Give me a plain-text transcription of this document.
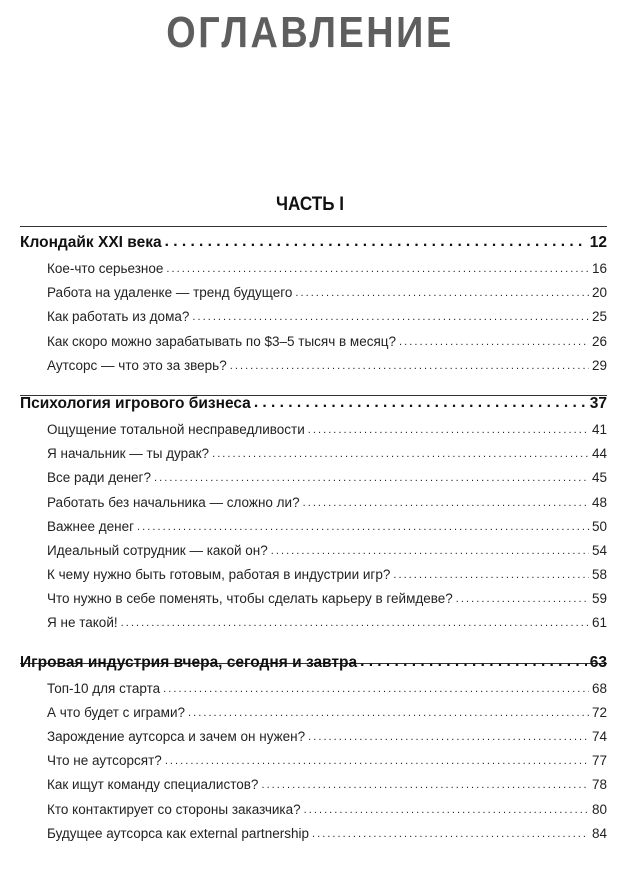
ОГЛАВЛЕНИЕ
ЧАСТЬ I
Клондайк XXI века . . .	12
Кое-что серьезное . . .	16
Работа на удаленке — тренд будущего . . .	20
Как работать из дома? . . .	25
Как скоро можно зарабатывать по $3–5 тысяч в месяц? . . .	26
Аутсорс — что это за зверь? . . .	29
Психология игрового бизнеса . . .	37
Ощущение тотальной несправедливости . . .	41
Я начальник — ты дурак? . . .	44
Все ради денег? . . .	45
Работать без начальника — сложно ли? . . .	48
Важнее денег . . .	50
Идеальный сотрудник — какой он? . . .	54
К чему нужно быть готовым, работая в индустрии игр? . . .	58
Что нужно в себе поменять, чтобы сделать карьеру в геймдеве? . . .	59
Я не такой! . . .	61
Игровая индустрия вчера, сегодня и завтра . . .	63
Топ-10 для старта . . .	68
А что будет с играми? . . .	72
Зарождение аутсорса и зачем он нужен? . . .	74
Что не аутсорсят? . . .	77
Как ищут команду специалистов? . . .	78
Кто контактирует со стороны заказчика? . . .	80
Будущее аутсорса как external partnership . . .	84
